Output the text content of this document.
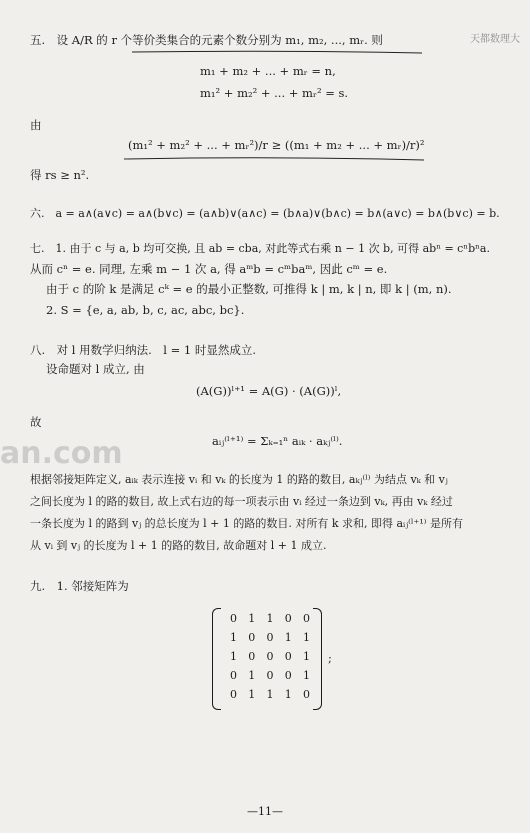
天都数理大
五.　设 A/R 的 r 个等价类集合的元素个数分别为 m₁, m₂, ..., mᵣ. 则
m₁ + m₂ + ... + mᵣ = n,
m₁² + m₂² + ... + mᵣ² = s.
由
(m₁² + m₂² + ... + mᵣ²)/r ≥ ((m₁ + m₂ + ... + mᵣ)/r)²
得 rs ≥ n².
六.　a = a∧(a∨c) = a∧(b∨c) = (a∧b)∨(a∧c) = (b∧a)∨(b∧c) = b∧(a∨c) = b∧(b∨c) = b.
七.　1. 由于 c 与 a, b 均可交换, 且 ab = cba, 对此等式右乘 n − 1 次 b, 可得 abⁿ = cⁿbⁿa.
从而 cⁿ = e. 同理, 左乘 m − 1 次 a, 得 aᵐb = cᵐbaᵐ, 因此 cᵐ = e.
由于 c 的阶 k 是满足 cᵏ = e 的最小正整数, 可推得 k | m, k | n, 即 k | (m, n).
2. S = {e, a, ab, b, c, ac, abc, bc}.
八.　对 l 用数学归纳法.　l = 1 时显然成立.
设命题对 l 成立, 由
(A(G))ˡ⁺¹ = A(G) · (A(G))ˡ,
故
aᵢⱼ⁽ˡ⁺¹⁾ = Σₖ₌₁ⁿ aᵢₖ · aₖⱼ⁽ˡ⁾.
an.com
根据邻接矩阵定义, aᵢₖ 表示连接 vᵢ 和 vₖ 的长度为 1 的路的数目, aₖⱼ⁽ˡ⁾ 为结点 vₖ 和 vⱼ
之间长度为 l 的路的数目, 故上式右边的每一项表示由 vᵢ 经过一条边到 vₖ, 再由 vₖ 经过
一条长度为 l 的路到 vⱼ 的总长度为 l + 1 的路的数目. 对所有 k 求和, 即得 aᵢⱼ⁽ˡ⁺¹⁾ 是所有
从 vᵢ 到 vⱼ 的长度为 l + 1 的路的数目, 故命题对 l + 1 成立.
九.　1. 邻接矩阵为
0 1 1 0 0
1 0 0 1 1
1 0 0 0 1
0 1 0 0 1
0 1 1 1 0
;
—11—
